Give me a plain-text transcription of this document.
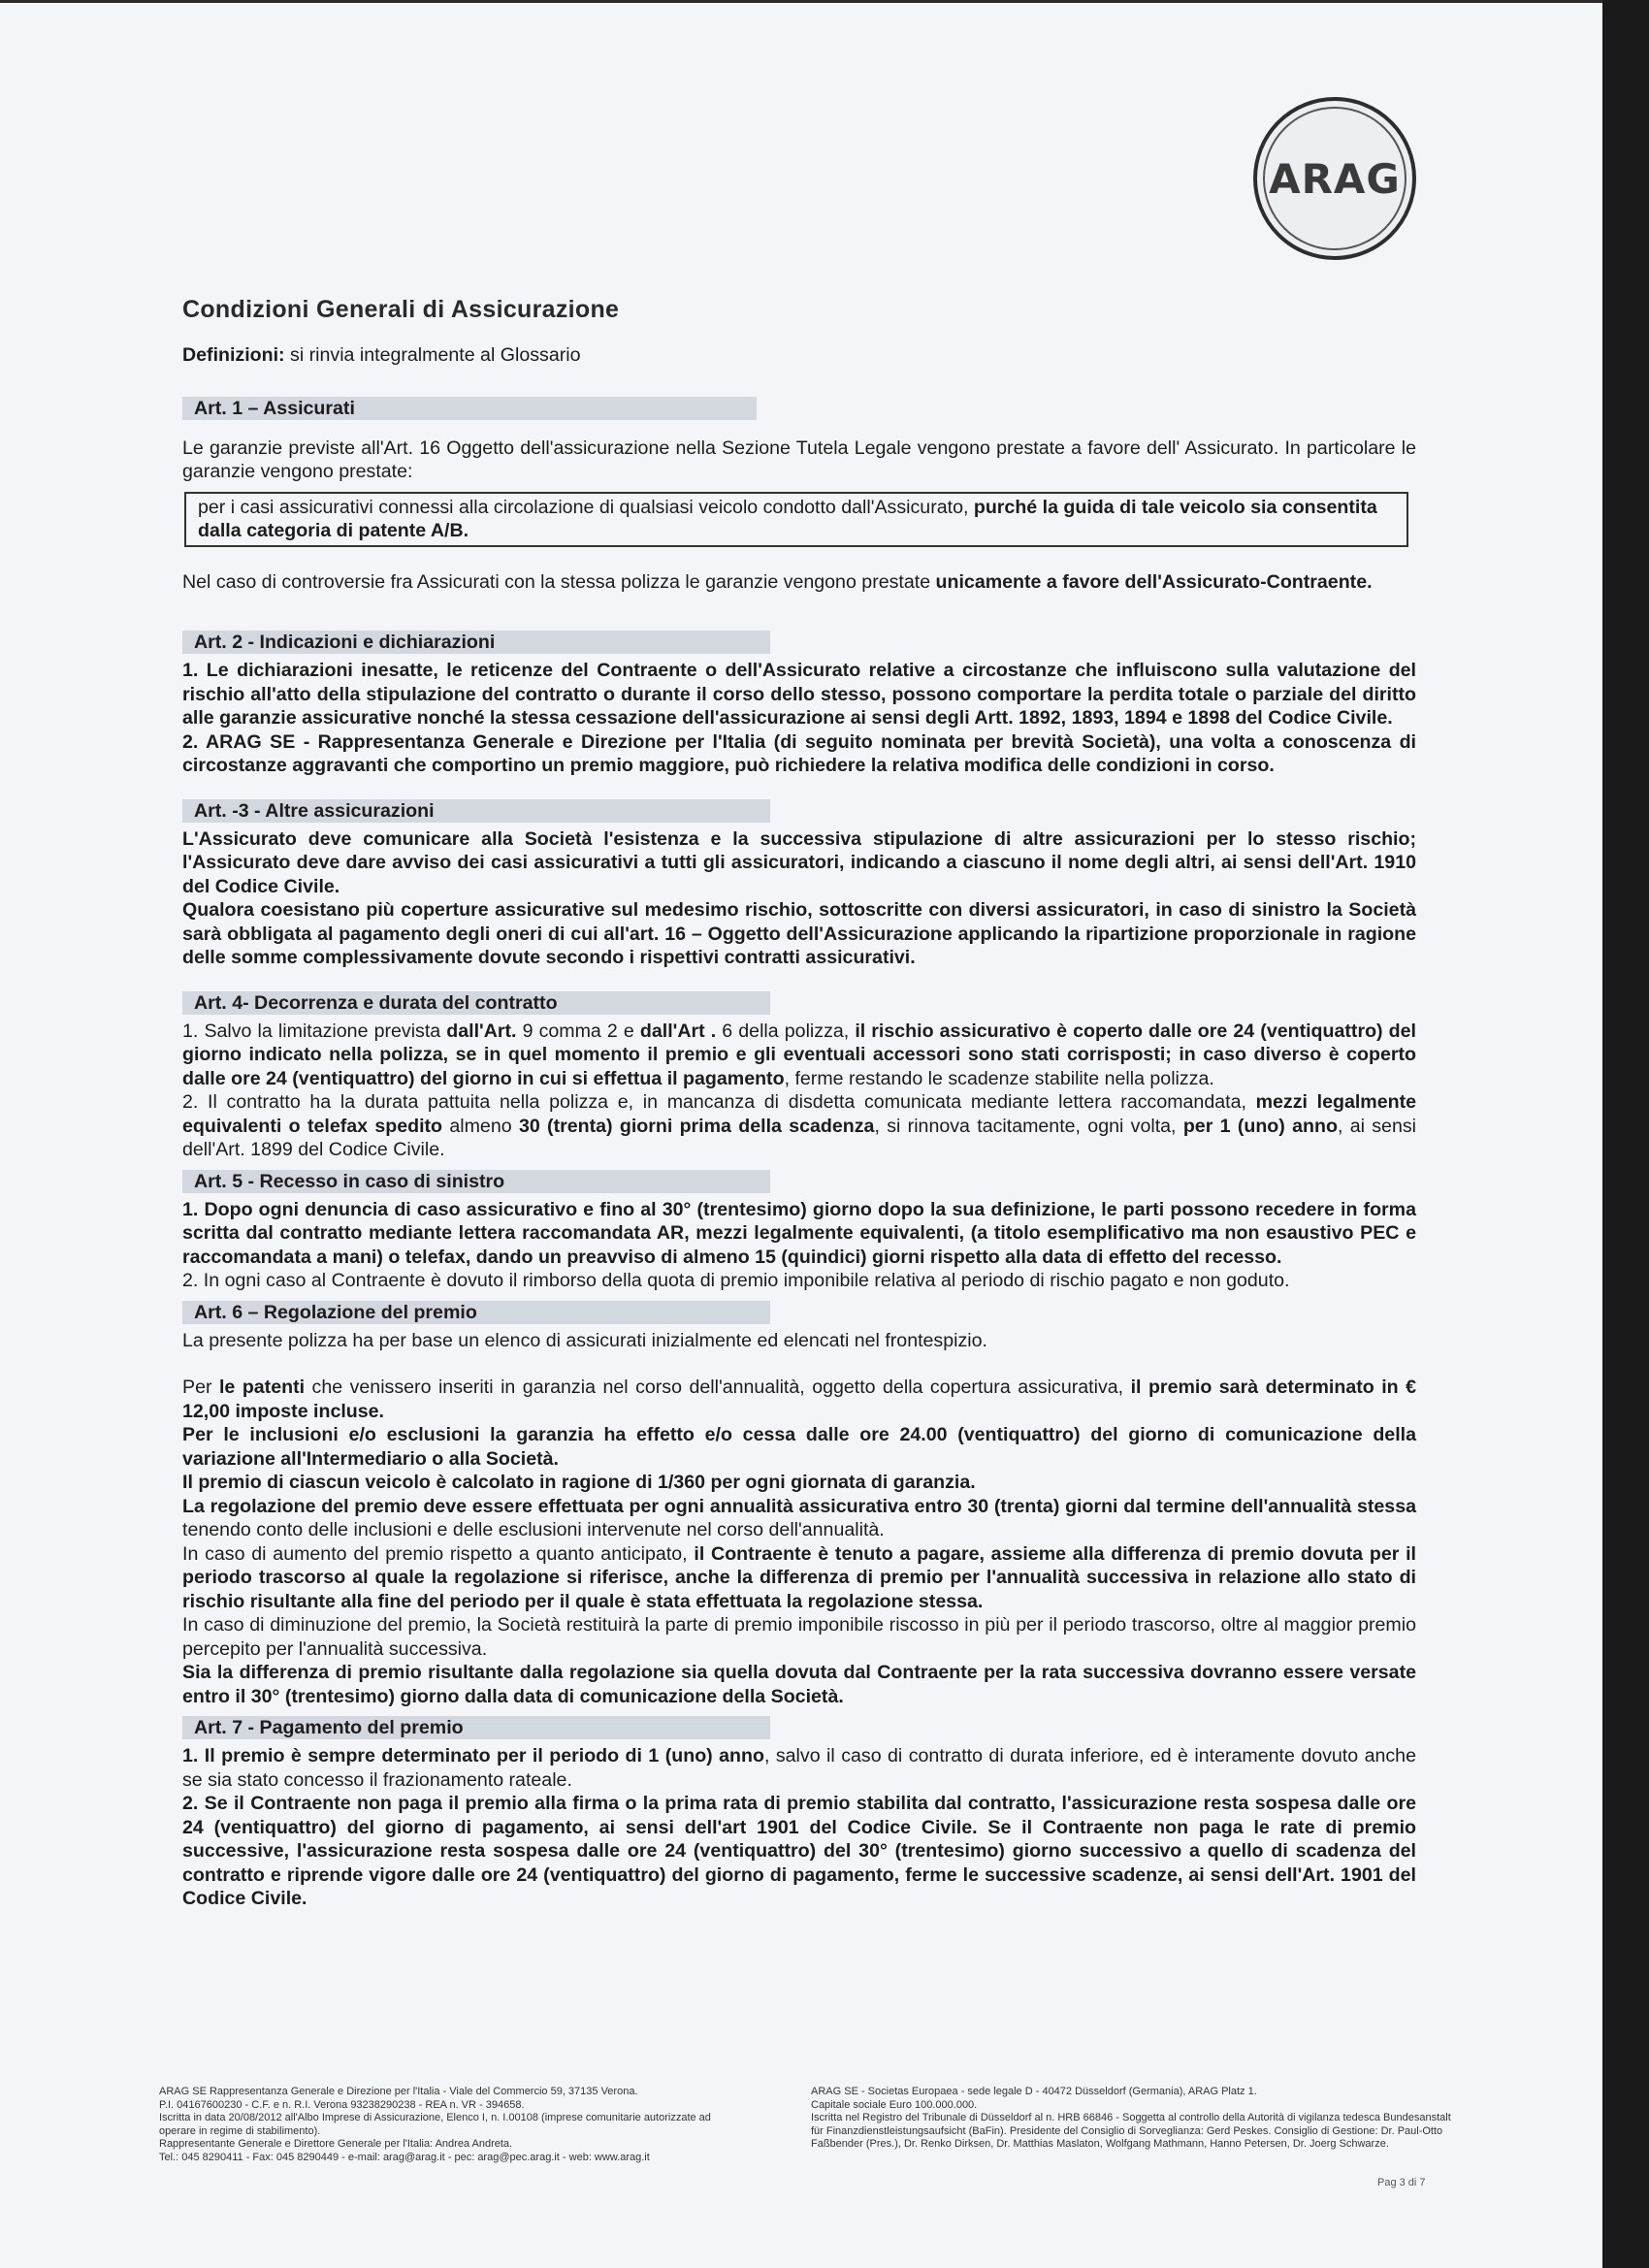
ARAG
Condizioni Generali di Assicurazione

Definizioni: si rinvia integralmente al Glossario

Art. 1 – Assicurati

Le garanzie previste all'Art. 16 Oggetto dell'assicurazione nella Sezione Tutela Legale vengono prestate a favore dell' Assicurato. In particolare le garanzie vengono prestate:

per i casi assicurativi connessi alla circolazione di qualsiasi veicolo condotto dall'Assicurato, purché la guida di tale veicolo sia consentita dalla categoria di patente A/B.

Nel caso di controversie fra Assicurati con la stessa polizza le garanzie vengono prestate unicamente a favore dell'Assicurato-Contraente.

Art. 2 - Indicazioni e dichiarazioni

1. Le dichiarazioni inesatte, le reticenze del Contraente o dell'Assicurato relative a circostanze che influiscono sulla valutazione del rischio all'atto della stipulazione del contratto o durante il corso dello stesso, possono comportare la perdita totale o parziale del diritto alle garanzie assicurative nonché la stessa cessazione dell'assicurazione ai sensi degli Artt. 1892, 1893, 1894 e 1898 del Codice Civile.

2. ARAG SE - Rappresentanza Generale e Direzione per l'Italia (di seguito nominata per brevità Società), una volta a conoscenza di circostanze aggravanti che comportino un premio maggiore, può richiedere la relativa modifica delle condizioni in corso.

Art. -3 - Altre assicurazioni

L'Assicurato deve comunicare alla Società l'esistenza e la successiva stipulazione di altre assicurazioni per lo stesso rischio; l'Assicurato deve dare avviso dei casi assicurativi a tutti gli assicuratori, indicando a ciascuno il nome degli altri, ai sensi dell'Art. 1910 del Codice Civile.

Qualora coesistano più coperture assicurative sul medesimo rischio, sottoscritte con diversi assicuratori, in caso di sinistro la Società sarà obbligata al pagamento degli oneri di cui all'art. 16 – Oggetto dell'Assicurazione applicando la ripartizione proporzionale in ragione delle somme complessivamente dovute secondo i rispettivi contratti assicurativi.

Art. 4- Decorrenza e durata del contratto

1. Salvo la limitazione prevista dall'Art. 9 comma 2 e dall'Art . 6 della polizza, il rischio assicurativo è coperto dalle ore 24 (ventiquattro) del giorno indicato nella polizza, se in quel momento il premio e gli eventuali accessori sono stati corrisposti; in caso diverso è coperto dalle ore 24 (ventiquattro) del giorno in cui si effettua il pagamento, ferme restando le scadenze stabilite nella polizza.

2. Il contratto ha la durata pattuita nella polizza e, in mancanza di disdetta comunicata mediante lettera raccomandata, mezzi legalmente equivalenti o telefax spedito almeno 30 (trenta) giorni prima della scadenza, si rinnova tacitamente, ogni volta, per 1 (uno) anno, ai sensi dell'Art. 1899 del Codice Civile.

Art. 5 - Recesso in caso di sinistro

1. Dopo ogni denuncia di caso assicurativo e fino al 30° (trentesimo) giorno dopo la sua definizione, le parti possono recedere in forma scritta dal contratto mediante lettera raccomandata AR, mezzi legalmente equivalenti, (a titolo esemplificativo ma non esaustivo PEC e raccomandata a mani) o telefax, dando un preavviso di almeno 15 (quindici) giorni rispetto alla data di effetto del recesso.

2. In ogni caso al Contraente è dovuto il rimborso della quota di premio imponibile relativa al periodo di rischio pagato e non goduto.

Art. 6 – Regolazione del premio

La presente polizza ha per base un elenco di assicurati inizialmente ed elencati nel frontespizio.

Per le patenti che venissero inseriti in garanzia nel corso dell'annualità, oggetto della copertura assicurativa, il premio sarà determinato in € 12,00 imposte incluse.

Per le inclusioni e/o esclusioni la garanzia ha effetto e/o cessa dalle ore 24.00 (ventiquattro) del giorno di comunicazione della variazione all'Intermediario o alla Società.

Il premio di ciascun veicolo è calcolato in ragione di 1/360 per ogni giornata di garanzia.

La regolazione del premio deve essere effettuata per ogni annualità assicurativa entro 30 (trenta) giorni dal termine dell'annualità stessa tenendo conto delle inclusioni e delle esclusioni intervenute nel corso dell'annualità.

In caso di aumento del premio rispetto a quanto anticipato, il Contraente è tenuto a pagare, assieme alla differenza di premio dovuta per il periodo trascorso al quale la regolazione si riferisce, anche la differenza di premio per l'annualità successiva in relazione allo stato di rischio risultante alla fine del periodo per il quale è stata effettuata la regolazione stessa.

In caso di diminuzione del premio, la Società restituirà la parte di premio imponibile riscosso in più per il periodo trascorso, oltre al maggior premio percepito per l'annualità successiva.

Sia la differenza di premio risultante dalla regolazione sia quella dovuta dal Contraente per la rata successiva dovranno essere versate entro il 30° (trentesimo) giorno dalla data di comunicazione della Società.

Art. 7 - Pagamento del premio

1. Il premio è sempre determinato per il periodo di 1 (uno) anno, salvo il caso di contratto di durata inferiore, ed è interamente dovuto anche se sia stato concesso il frazionamento rateale.

2. Se il Contraente non paga il premio alla firma o la prima rata di premio stabilita dal contratto, l'assicurazione resta sospesa dalle ore 24 (ventiquattro) del giorno di pagamento, ai sensi dell'art 1901 del Codice Civile. Se il Contraente non paga le rate di premio successive, l'assicurazione resta sospesa dalle ore 24 (ventiquattro) del 30° (trentesimo) giorno successivo a quello di scadenza del contratto e riprende vigore dalle ore 24 (ventiquattro) del giorno di pagamento, ferme le successive scadenze, ai sensi dell'Art. 1901 del Codice Civile.

ARAG SE Rappresentanza Generale e Direzione per l'Italia - Viale del Commercio 59, 37135 Verona.
P.I. 04167600230 - C.F. e n. R.I. Verona 93238290238 - REA n. VR - 394658.
Iscritta in data 20/08/2012 all'Albo Imprese di Assicurazione, Elenco I, n. I.00108 (imprese comunitarie autorizzate ad operare in regime di stabilimento).
Rappresentante Generale e Direttore Generale per l'Italia: Andrea Andreta.
Tel.: 045 8290411 - Fax: 045 8290449 - e-mail: arag@arag.it - pec: arag@pec.arag.it - web: www.arag.it
ARAG SE - Societas Europaea - sede legale D - 40472 Düsseldorf (Germania), ARAG Platz 1.
Capitale sociale Euro 100.000.000.
Iscritta nel Registro del Tribunale di Düsseldorf al n. HRB 66846 - Soggetta al controllo della Autorità di vigilanza tedesca Bundesanstalt für Finanzdienstleistungsaufsicht (BaFin). Presidente del Consiglio di Sorveglianza: Gerd Peskes. Consiglio di Gestione: Dr. Paul-Otto Faßbender (Pres.), Dr. Renko Dirksen, Dr. Matthias Maslaton, Wolfgang Mathmann, Hanno Petersen, Dr. Joerg Schwarze.
Pag 3 di 7
